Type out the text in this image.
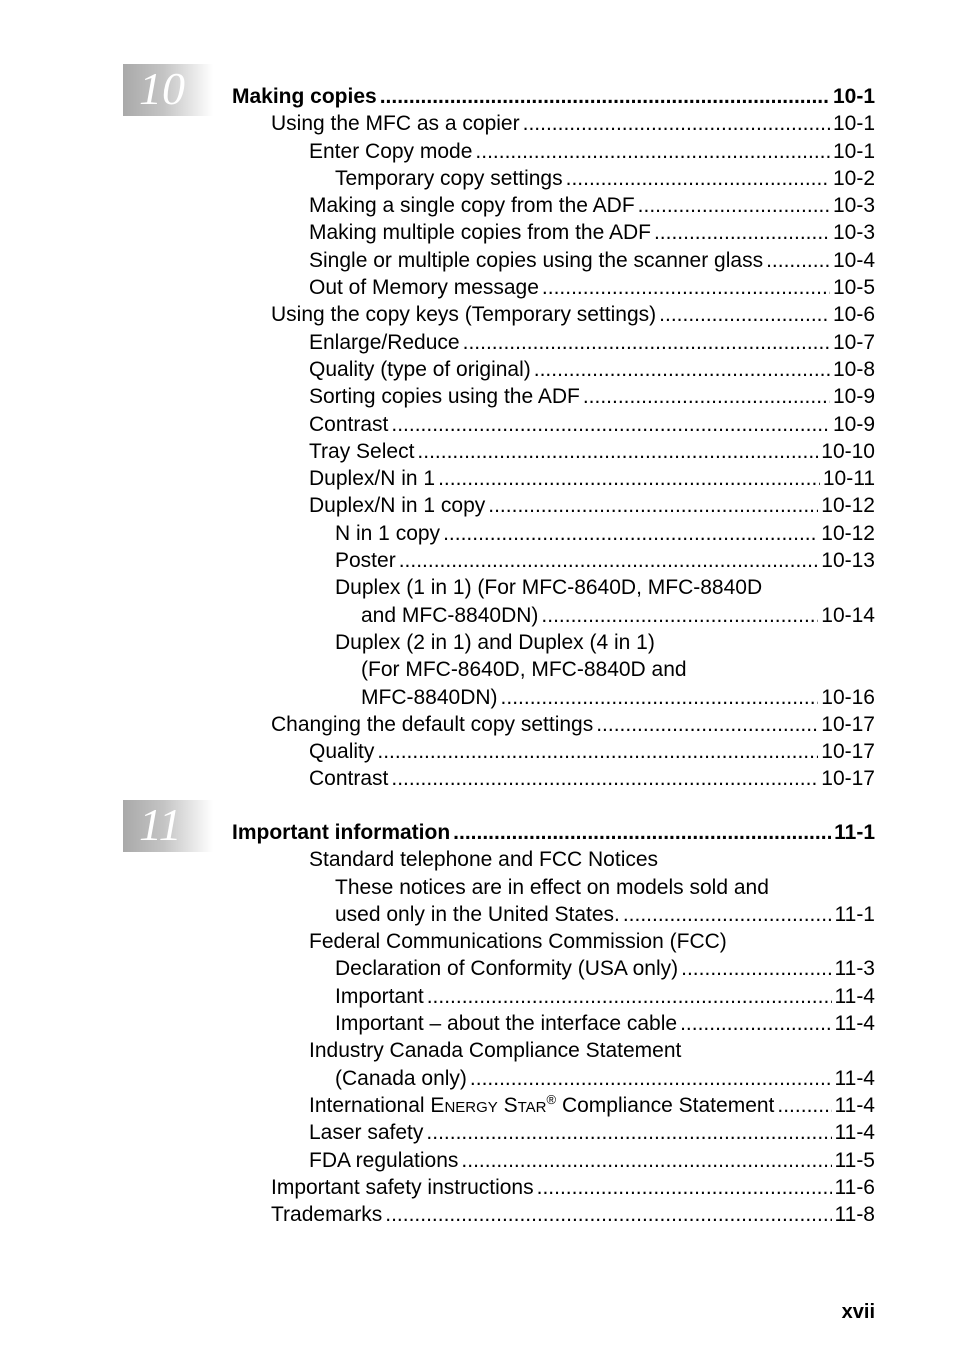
10 Making copies .....	10-1
Using the MFC as a copier .....	10-1
Enter Copy mode .....	10-1
Temporary copy settings .....	10-2
Making a single copy from the ADF .....	10-3
Making multiple copies from the ADF .....	10-3
Single or multiple copies using the scanner glass .....	10-4
Out of Memory message .....	10-5
Using the copy keys (Temporary settings) .....	10-6
Enlarge/Reduce .....	10-7
Quality (type of original) .....	10-8
Sorting copies using the ADF .....	10-9
Contrast .....	10-9
Tray Select .....	10-10
Duplex/N in 1 .....	10-11
Duplex/N in 1 copy .....	10-12
N in 1 copy .....	10-12
Poster .....	10-13
Duplex (1 in 1) (For MFC-8640D, MFC-8840D
and MFC-8840DN) .....	10-14
Duplex (2 in 1) and Duplex (4 in 1)
(For MFC-8640D, MFC-8840D and
MFC-8840DN) .....	10-16
Changing the default copy settings .....	10-17
Quality .....	10-17
Contrast .....	10-17
11 Important information .....	11-1
Standard telephone and FCC Notices
These notices are in effect on models sold and
used only in the United States. .....	11-1
Federal Communications Commission (FCC)
Declaration of Conformity (USA only) .....	11-3
Important .....	11-4
Important – about the interface cable .....	11-4
Industry Canada Compliance Statement
(Canada only) .....	11-4
International ENERGY STAR® Compliance Statement .....	11-4
Laser safety .....	11-4
FDA regulations .....	11-5
Important safety instructions .....	11-6
Trademarks .....	11-8
xvii
